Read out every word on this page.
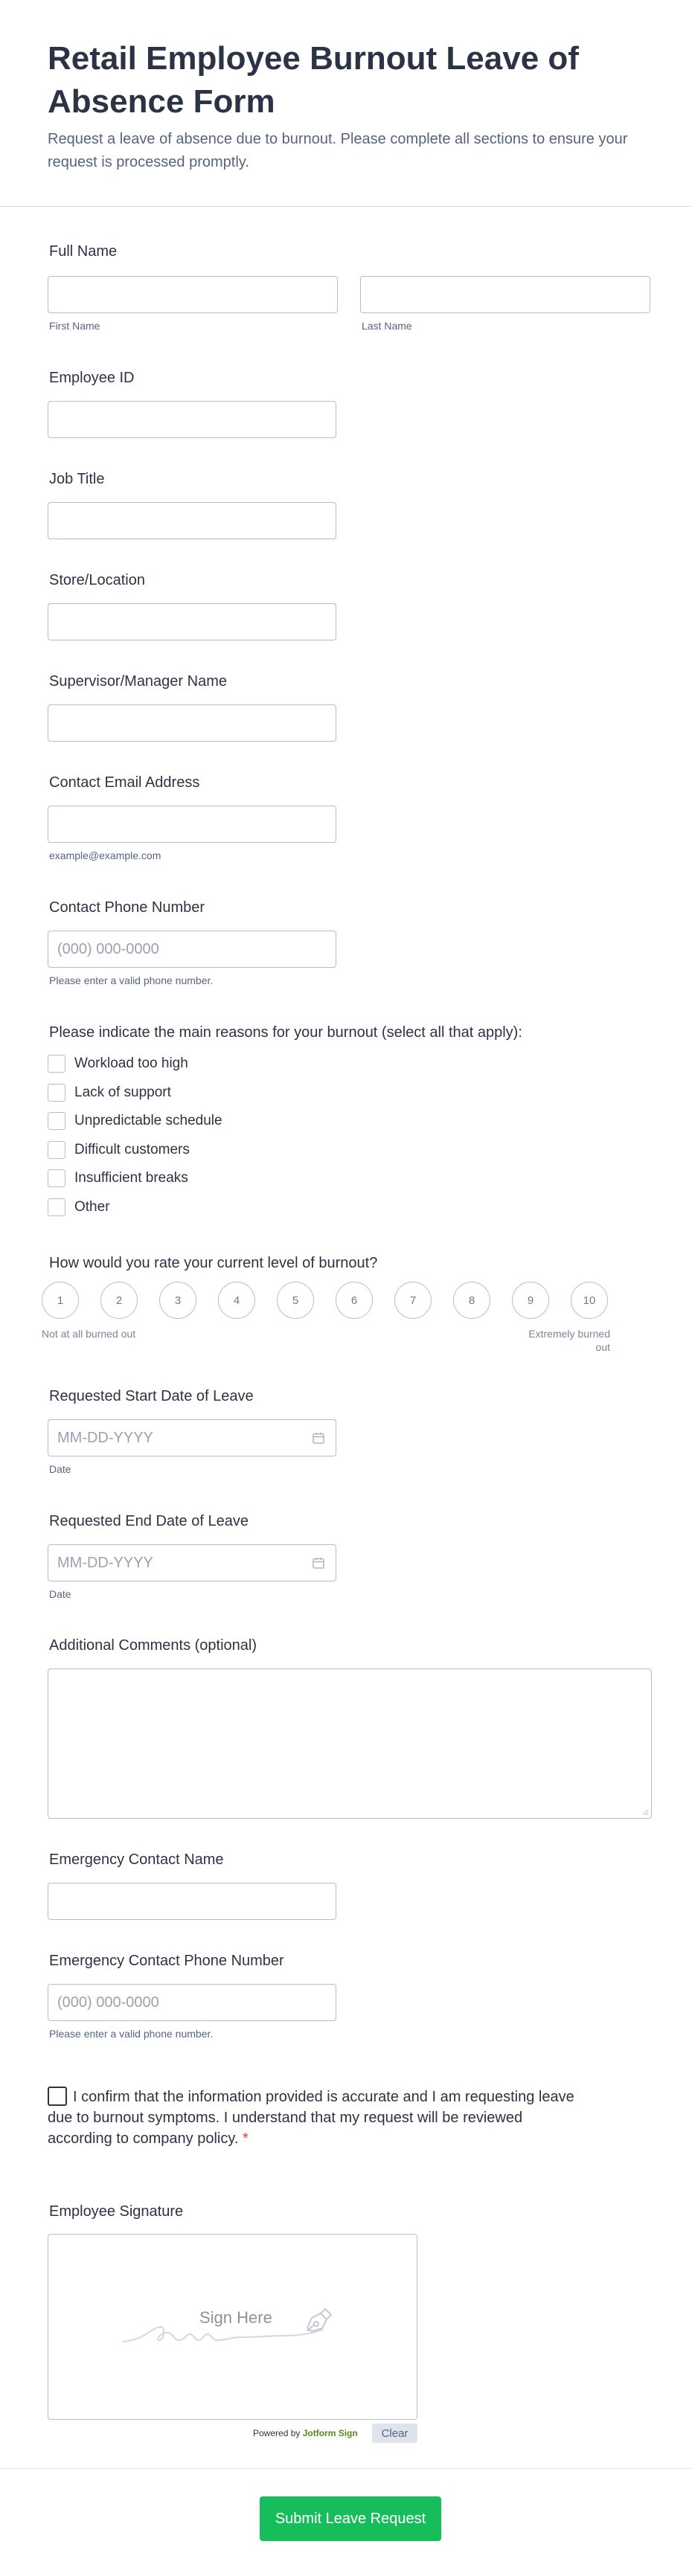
Retail Employee Burnout Leave of Absence Form

Request a leave of absence due to burnout. Please complete all sections to ensure your request is processed promptly.

Full Name
First Name	Last Name
Employee ID
Job Title
Store/Location
Supervisor/Manager Name
Contact Email Address
example@example.com
Contact Phone Number
(000) 000-0000
Please enter a valid phone number.
Please indicate the main reasons for your burnout (select all that apply):
Workload too high
Lack of support
Unpredictable schedule
Difficult customers
Insufficient breaks
Other
How would you rate your current level of burnout?
1	2	3	4	5	6	7	8	9	10
Not at all burned out	Extremely burned out
Requested Start Date of Leave
MM-DD-YYYY
Date
Requested End Date of Leave
MM-DD-YYYY
Date
Additional Comments (optional)
Emergency Contact Name
Emergency Contact Phone Number
(000) 000-0000
Please enter a valid phone number.
I confirm that the information provided is accurate and I am requesting leave due to burnout symptoms. I understand that my request will be reviewed according to company policy. *
Employee Signature
Sign Here
Powered by Jotform Sign	Clear
Submit Leave Request
